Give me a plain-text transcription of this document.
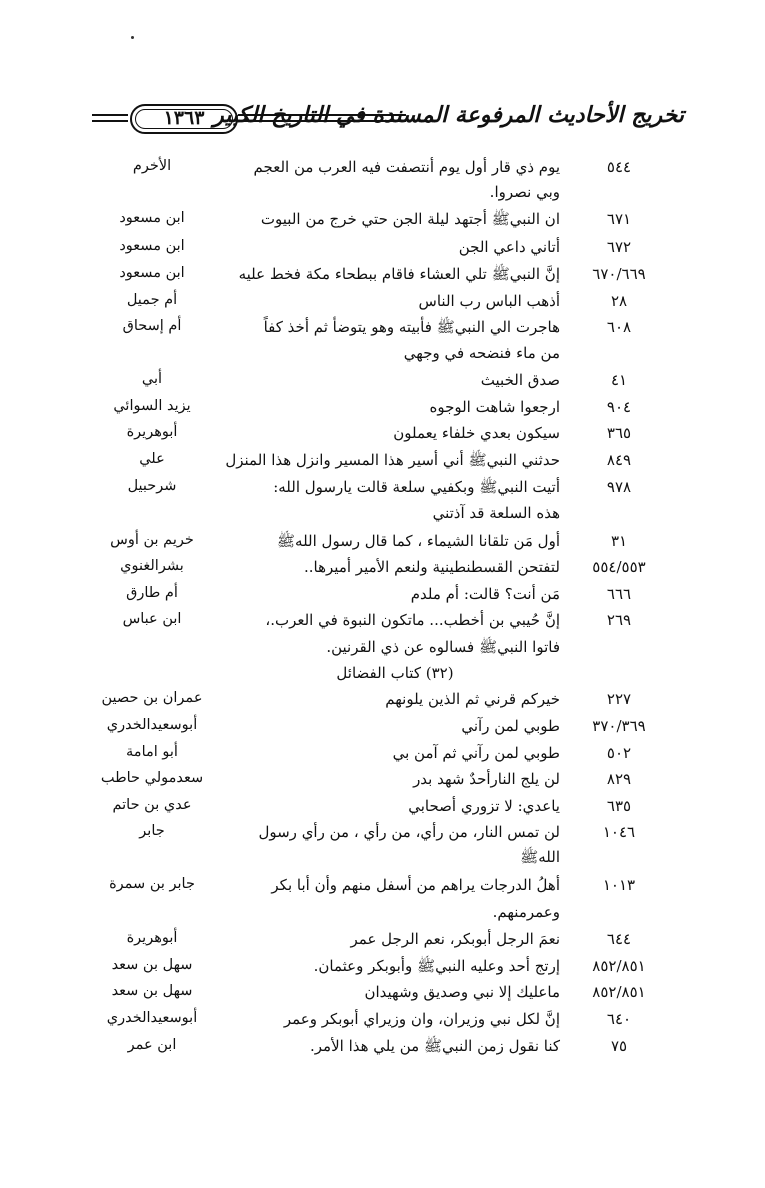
١٣٦٣ تخريج الأحاديث المرفوعة المسندة في التاريخ الكبير
٥٤٤
يوم ذي قار أول يوم أنتصفت فيه العرب من العجم
الأخرم
وبي نصروا.
٦٧١
ان النبيﷺ أجتهد ليلة الجن حتي خرج من البيوت
ابن مسعود
٦٧٢
أتاني داعي الجن
ابن مسعود
٦٧٠/٦٦٩
إنَّ النبيﷺ تلي العشاء فاقام ببطحاء مكة فخط عليه
ابن مسعود
٢٨
أذهب الباس رب الناس
أم جميل
٦٠٨
هاجرت الي النبيﷺ فأبيته وهو يتوضأ ثم أخذ كفاً
أم إسحاق
من ماء فنضحه في وجهي
٤١
صدق الخبيث
أبي
٩٠٤
ارجعوا شاهت الوجوه
يزيد السوائي
٣٦٥
سيكون بعدي خلفاء يعملون
أبوهريرة
٨٤٩
حدثني النبيﷺ أني أسير هذا المسير وانزل هذا المنزل
علي
٩٧٨
أتيت النبيﷺ وبكفيي سلعة قالت يارسول الله:
شرحبيل
هذه السلعة قد آذتني
٣١
أول مَن تلقانا الشيماء ، كما قال رسول اللهﷺ
خريم بن أوس
٥٥٤/٥٥٣
لتفتحن القسطنطينية ولنعم الأمير أميرها..
بشرالغنوي
٦٦٦
مَن أنت؟ قالت: أم ملدم
أم طارق
٢٦٩
إنَّ حُيبي بن أخطب... ماتكون النبوة في العرب.،
ابن عباس
فاتوا النبيﷺ فسالوه عن ذي القرنين.
٢٢٧
خيركم قرني ثم الذين يلونهم
عمران بن حصين
٣٧٠/٣٦٩
طوبي لمن رآني
أبوسعيدالخدري
٥٠٢
طوبي لمن رآني ثم آمن بي
أبو امامة
٨٢٩
لن يلج النارأحدٌ شهد بدر
سعدمولي حاطب
٦٣٥
ياعدي: لا تزوري أصحابي
عدي بن حاتم
١٠٤٦
لن تمس النار، من رأي، من رأي ، من رأي رسول
جابر
اللهﷺ
١٠١٣
أهلُ الدرجات يراهم من أسفل منهم وأن أبا بكر
جابر بن سمرة
وعمرمنهم.
٦٤٤
نعمَ الرجل أبوبكر، نعم الرجل عمر
أبوهريرة
٨٥٢/٨٥١
إرتج أحد وعليه النبيﷺ وأبوبكر وعثمان.
سهل بن سعد
٨٥٢/٨٥١
ماعليك إلا نبي وصديق وشهيدان
سهل بن سعد
٦٤٠
إنَّ لكل نبي وزيران، وان وزيراي أبوبكر وعمر
أبوسعيدالخدري
٧٥
كنا نقول زمن النبيﷺ من يلي هذا الأمر.
ابن عمر
(٣٢) كتاب الفضائل
